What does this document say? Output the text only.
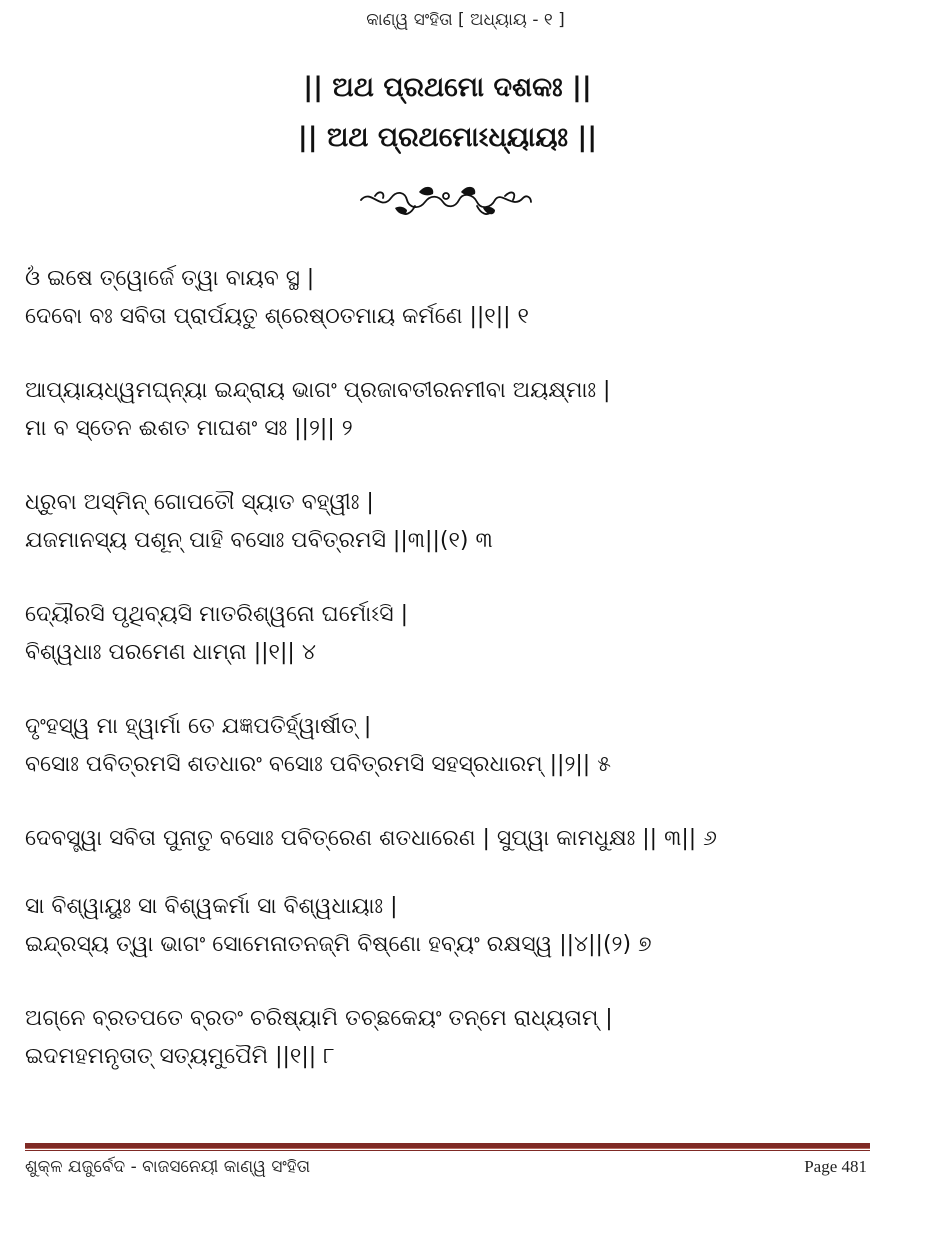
କାଣ୍ୱ ସଂହିତା [ ଅଧ୍ୟାୟ - ୧ ]
|| ଅଥ ପ୍ରଥମୋ ଦଶକଃ ||
|| ଅଥ ପ୍ରଥମୋଽଧ୍ୟାୟଃ ||
ଓଁ ଇଷେ ତ୍ୱୋର୍ଜେ ତ୍ୱା ବାୟବ ସ୍ଥ |
ଦେବୋ ବଃ ସବିତା ପ୍ରାର୍ପୟତୁ ଶ୍ରେଷ୍ଠତମାୟ କର୍ମଣେ ||୧|| ୧
ଆପ୍ୟାୟଧ୍ୱମଘ୍ନ୍ୟା ଇନ୍ଦ୍ରାୟ ଭାଗଂ ପ୍ରଜାବତୀରନମୀବା ଅୟକ୍ଷ୍ମାଃ |
ମା ବ ସ୍ତେନ ଈଶତ ମାଘଶଂ ସଃ ||୨|| ୨
ଧ୍ରୁବା ଅସ୍ମିନ୍ ଗୋପତୌ ସ୍ୟାତ ବହ୍ୱୀଃ |
ଯଜମାନସ୍ୟ ପଶୂନ୍ ପାହି ବସୋଃ ପବିତ୍ରମସି ||୩||(୧) ୩
ଦ୍ୟୌରସି ପୃଥିବ୍ୟସି ମାତରିଶ୍ୱନୋ ଘର୍ମୋଽସି |
ବିଶ୍ୱଧାଃ ପରମେଣ ଧାମ୍ନା ||୧|| ୪
ଦୃଂହସ୍ୱ ମା ହ୍ୱାର୍ମା ତେ ଯଜ୍ଞପତିର୍ହ୍ୱାର୍ଷୀତ୍ |
ବସୋଃ ପବିତ୍ରମସି ଶତଧାରଂ ବସୋଃ ପବିତ୍ରମସି ସହସ୍ରଧାରମ୍ ||୨|| ୫
ଦେବସ୍ତ୍ୱା ସବିତା ପୁନାତୁ ବସୋଃ ପବିତ୍ରେଣ ଶତଧାରେଣ | ସୁପ୍ୱା କାମଧୁକ୍ଷଃ || ୩|| ୬
ସା ବିଶ୍ୱାୟୁଃ ସା ବିଶ୍ୱକର୍ମା ସା ବିଶ୍ୱଧାୟାଃ |
ଇନ୍ଦ୍ରସ୍ୟ ତ୍ୱା ଭାଗଂ ସୋମେନାତନଜ୍ମି ବିଷ୍ଣୋ ହବ୍ୟଂ ରକ୍ଷସ୍ୱ ||୪||(୨) ୭
ଅଗ୍ନେ ବ୍ରତପତେ ବ୍ରତଂ ଚରିଷ୍ୟାମି ତଚ୍ଛକେୟଂ ତନ୍ମେ ରାଧ୍ୟତାମ୍ |
ଇଦମହମନୃତାତ୍ ସତ୍ୟମୁପୈମି ||୧|| ୮
ଶୁକ୍ଳ ଯଜୁର୍ବେଦ - ବାଜସନେୟୀ କାଣ୍ୱ ସଂହିତା	Page 481
